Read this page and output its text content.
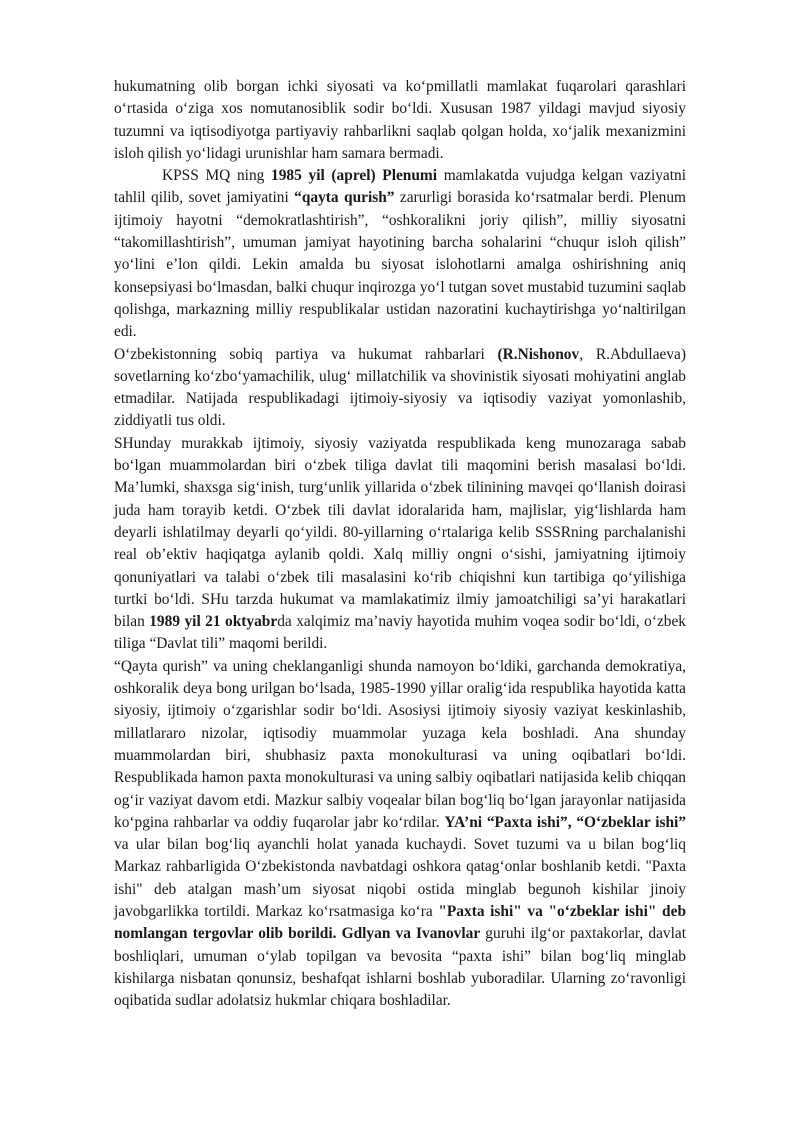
hukumatning olib borgan ichki siyosati va ko‘pmillatli mamlakat fuqarolari qarashlari o‘rtasida o‘ziga xos nomutanosiblik sodir bo‘ldi. Xususan 1987 yildagi mavjud siyosiy tuzumni va iqtisodiyotga partiyaviy rahbarlikni saqlab qolgan holda, xo‘jalik mexanizmini isloh qilish yo‘lidagi urunishlar ham samara bermadi.

KPSS MQ ning 1985 yil (aprel) Plenumi mamlakatda vujudga kelgan vaziyatni tahlil qilib, sovet jamiyatini “qayta qurish” zarurligi borasida ko‘rsatmalar berdi. Plenum ijtimoiy hayotni “demokratlashtirish”, “oshkoralikni joriy qilish”, milliy siyosatni “takomillashtirish”, umuman jamiyat hayotining barcha sohalarini “chuqur isloh qilish” yo‘lini e’lon qildi. Lekin amalda bu siyosat islohotlarni amalga oshirishning aniq konsepsiyasi bo‘lmasdan, balki chuqur inqirozga yo‘l tutgan sovet mustabid tuzumini saqlab qolishga, markazning milliy respublikalar ustidan nazoratini kuchaytirishga yo‘naltirilgan edi.

O‘zbekistonning sobiq partiya va hukumat rahbarlari (R.Nishonov, R.Abdullaeva) sovetlarning ko‘zbo‘yamachilik, ulug‘ millatchilik va shovinistik siyosati mohiyatini anglab etmadilar. Natijada respublikadagi ijtimoiy-siyosiy va iqtisodiy vaziyat yomonlashib, ziddiyatli tus oldi.

SHunday murakkab ijtimoiy, siyosiy vaziyatda respublikada keng munozaraga sabab bo‘lgan muammolardan biri o‘zbek tiliga davlat tili maqomini berish masalasi bo‘ldi. Ma’lumki, shaxsga sig‘inish, turg‘unlik yillarida o‘zbek tilinining mavqei qo‘llanish doirasi juda ham torayib ketdi. O‘zbek tili davlat idoralarida ham, majlislar, yig‘lishlarda ham deyarli ishlatilmay deyarli qo‘yildi. 80-yillarning o‘rtalariga kelib SSSRning parchalanishi real ob’ektiv haqiqatga aylanib qoldi. Xalq milliy ongni o‘sishi, jamiyatning ijtimoiy qonuniyatlari va talabi o‘zbek tili masalasini ko‘rib chiqishni kun tartibiga qo‘yilishiga turtki bo‘ldi. SHu tarzda hukumat va mamlakatimiz ilmiy jamoatchiligi sa’yi harakatlari bilan 1989 yil 21 oktyabrda xalqimiz ma’naviy hayotida muhim voqea sodir bo‘ldi, o‘zbek tiliga “Davlat tili” maqomi berildi.

“Qayta qurish” va uning cheklanganligi shunda namoyon bo‘ldiki, garchanda demokratiya, oshkoralik deya bong urilgan bo‘lsada, 1985-1990 yillar oralig‘ida respublika hayotida katta siyosiy, ijtimoiy o‘zgarishlar sodir bo‘ldi. Asosiysi ijtimoiy siyosiy vaziyat keskinlashib, millatlararo nizolar, iqtisodiy muammolar yuzaga kela boshladi. Ana shunday muammolardan biri, shubhasiz paxta monokulturasi va uning oqibatlari bo‘ldi. Respublikada hamon paxta monokulturasi va uning salbiy oqibatlari natijasida kelib chiqqan og‘ir vaziyat davom etdi. Mazkur salbiy voqealar bilan bog‘liq bo‘lgan jarayonlar natijasida ko‘pgina rahbarlar va oddiy fuqarolar jabr ko‘rdilar. YA’ni “Paxta ishi”, “O‘zbeklar ishi” va ular bilan bog‘liq ayanchli holat yanada kuchaydi. Sovet tuzumi va u bilan bog‘liq Markaz rahbarligida O‘zbekistonda navbatdagi oshkora qatag‘onlar boshlanib ketdi. "Paxta ishi" deb atalgan mash’um siyosat niqobi ostida minglab begunoh kishilar jinoiy javobgarlikka tortildi. Markaz ko‘rsatmasiga ko‘ra "Paxta ishi" va "o‘zbeklar ishi" deb nomlangan tergovlar olib borildi. Gdlyan va Ivanovlar guruhi ilg‘or paxtakorlar, davlat boshliqlari, umuman o‘ylab topilgan va bevosita “paxta ishi” bilan bog‘liq minglab kishilarga nisbatan qonunsiz, beshafqat ishlarni boshlab yuboradilar. Ularning zo‘ravonligi oqibatida sudlar adolatsiz hukmlar chiqara boshladilar.
